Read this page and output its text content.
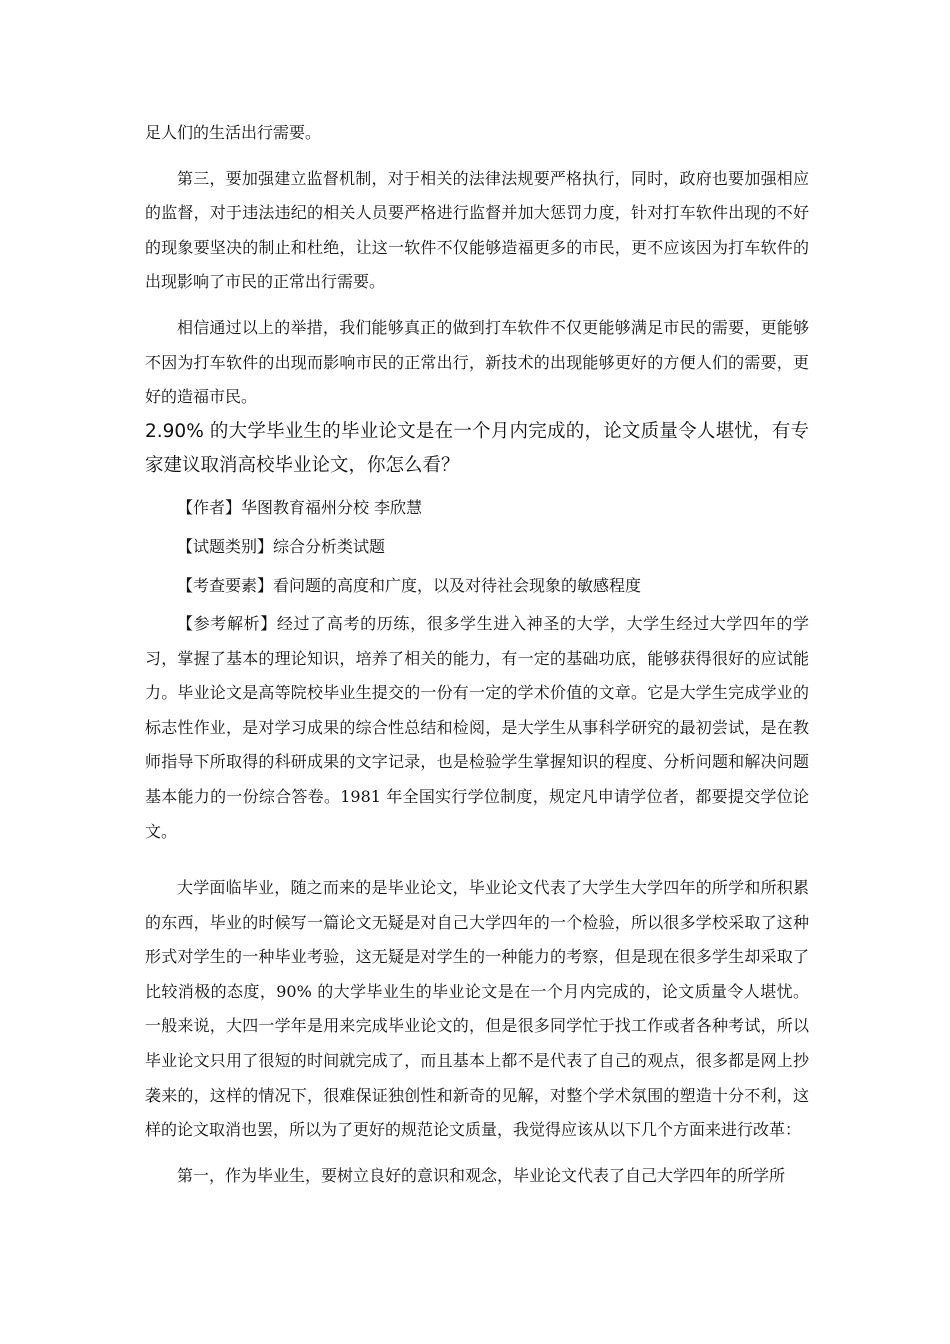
足人们的生活出行需要。

第三，要加强建立监督机制，对于相关的法律法规要严格执行，同时，政府也要加强相应的监督，对于违法违纪的相关人员要严格进行监督并加大惩罚力度，针对打车软件出现的不好的现象要坚决的制止和杜绝，让这一软件不仅能够造福更多的市民，更不应该因为打车软件的出现影响了市民的正常出行需要。

相信通过以上的举措，我们能够真正的做到打车软件不仅更能够满足市民的需要，更能够不因为打车软件的出现而影响市民的正常出行，新技术的出现能够更好的方便人们的需要，更好的造福市民。

2.90% 的大学毕业生的毕业论文是在一个月内完成的，论文质量令人堪忧，有专家建议取消高校毕业论文，你怎么看？

【作者】华图教育福州分校 李欣慧

【试题类别】综合分析类试题

【考查要素】看问题的高度和广度，以及对待社会现象的敏感程度

【参考解析】经过了高考的历练，很多学生进入神圣的大学，大学生经过大学四年的学习，掌握了基本的理论知识，培养了相关的能力，有一定的基础功底，能够获得很好的应试能力。毕业论文是高等院校毕业生提交的一份有一定的学术价值的文章。它是大学生完成学业的标志性作业，是对学习成果的综合性总结和检阅，是大学生从事科学研究的最初尝试，是在教师指导下所取得的科研成果的文字记录，也是检验学生掌握知识的程度、分析问题和解决问题基本能力的一份综合答卷。1981 年全国实行学位制度，规定凡申请学位者，都要提交学位论文。

大学面临毕业，随之而来的是毕业论文，毕业论文代表了大学生大学四年的所学和所积累的东西，毕业的时候写一篇论文无疑是对自己大学四年的一个检验，所以很多学校采取了这种形式对学生的一种毕业考验，这无疑是对学生的一种能力的考察，但是现在很多学生却采取了比较消极的态度，90% 的大学毕业生的毕业论文是在一个月内完成的，论文质量令人堪忧。一般来说，大四一学年是用来完成毕业论文的，但是很多同学忙于找工作或者各种考试，所以毕业论文只用了很短的时间就完成了，而且基本上都不是代表了自己的观点，很多都是网上抄袭来的，这样的情况下，很难保证独创性和新奇的见解，对整个学术氛围的塑造十分不利，这样的论文取消也罢，所以为了更好的规范论文质量，我觉得应该从以下几个方面来进行改革：

第一，作为毕业生，要树立良好的意识和观念，毕业论文代表了自己大学四年的所学所
